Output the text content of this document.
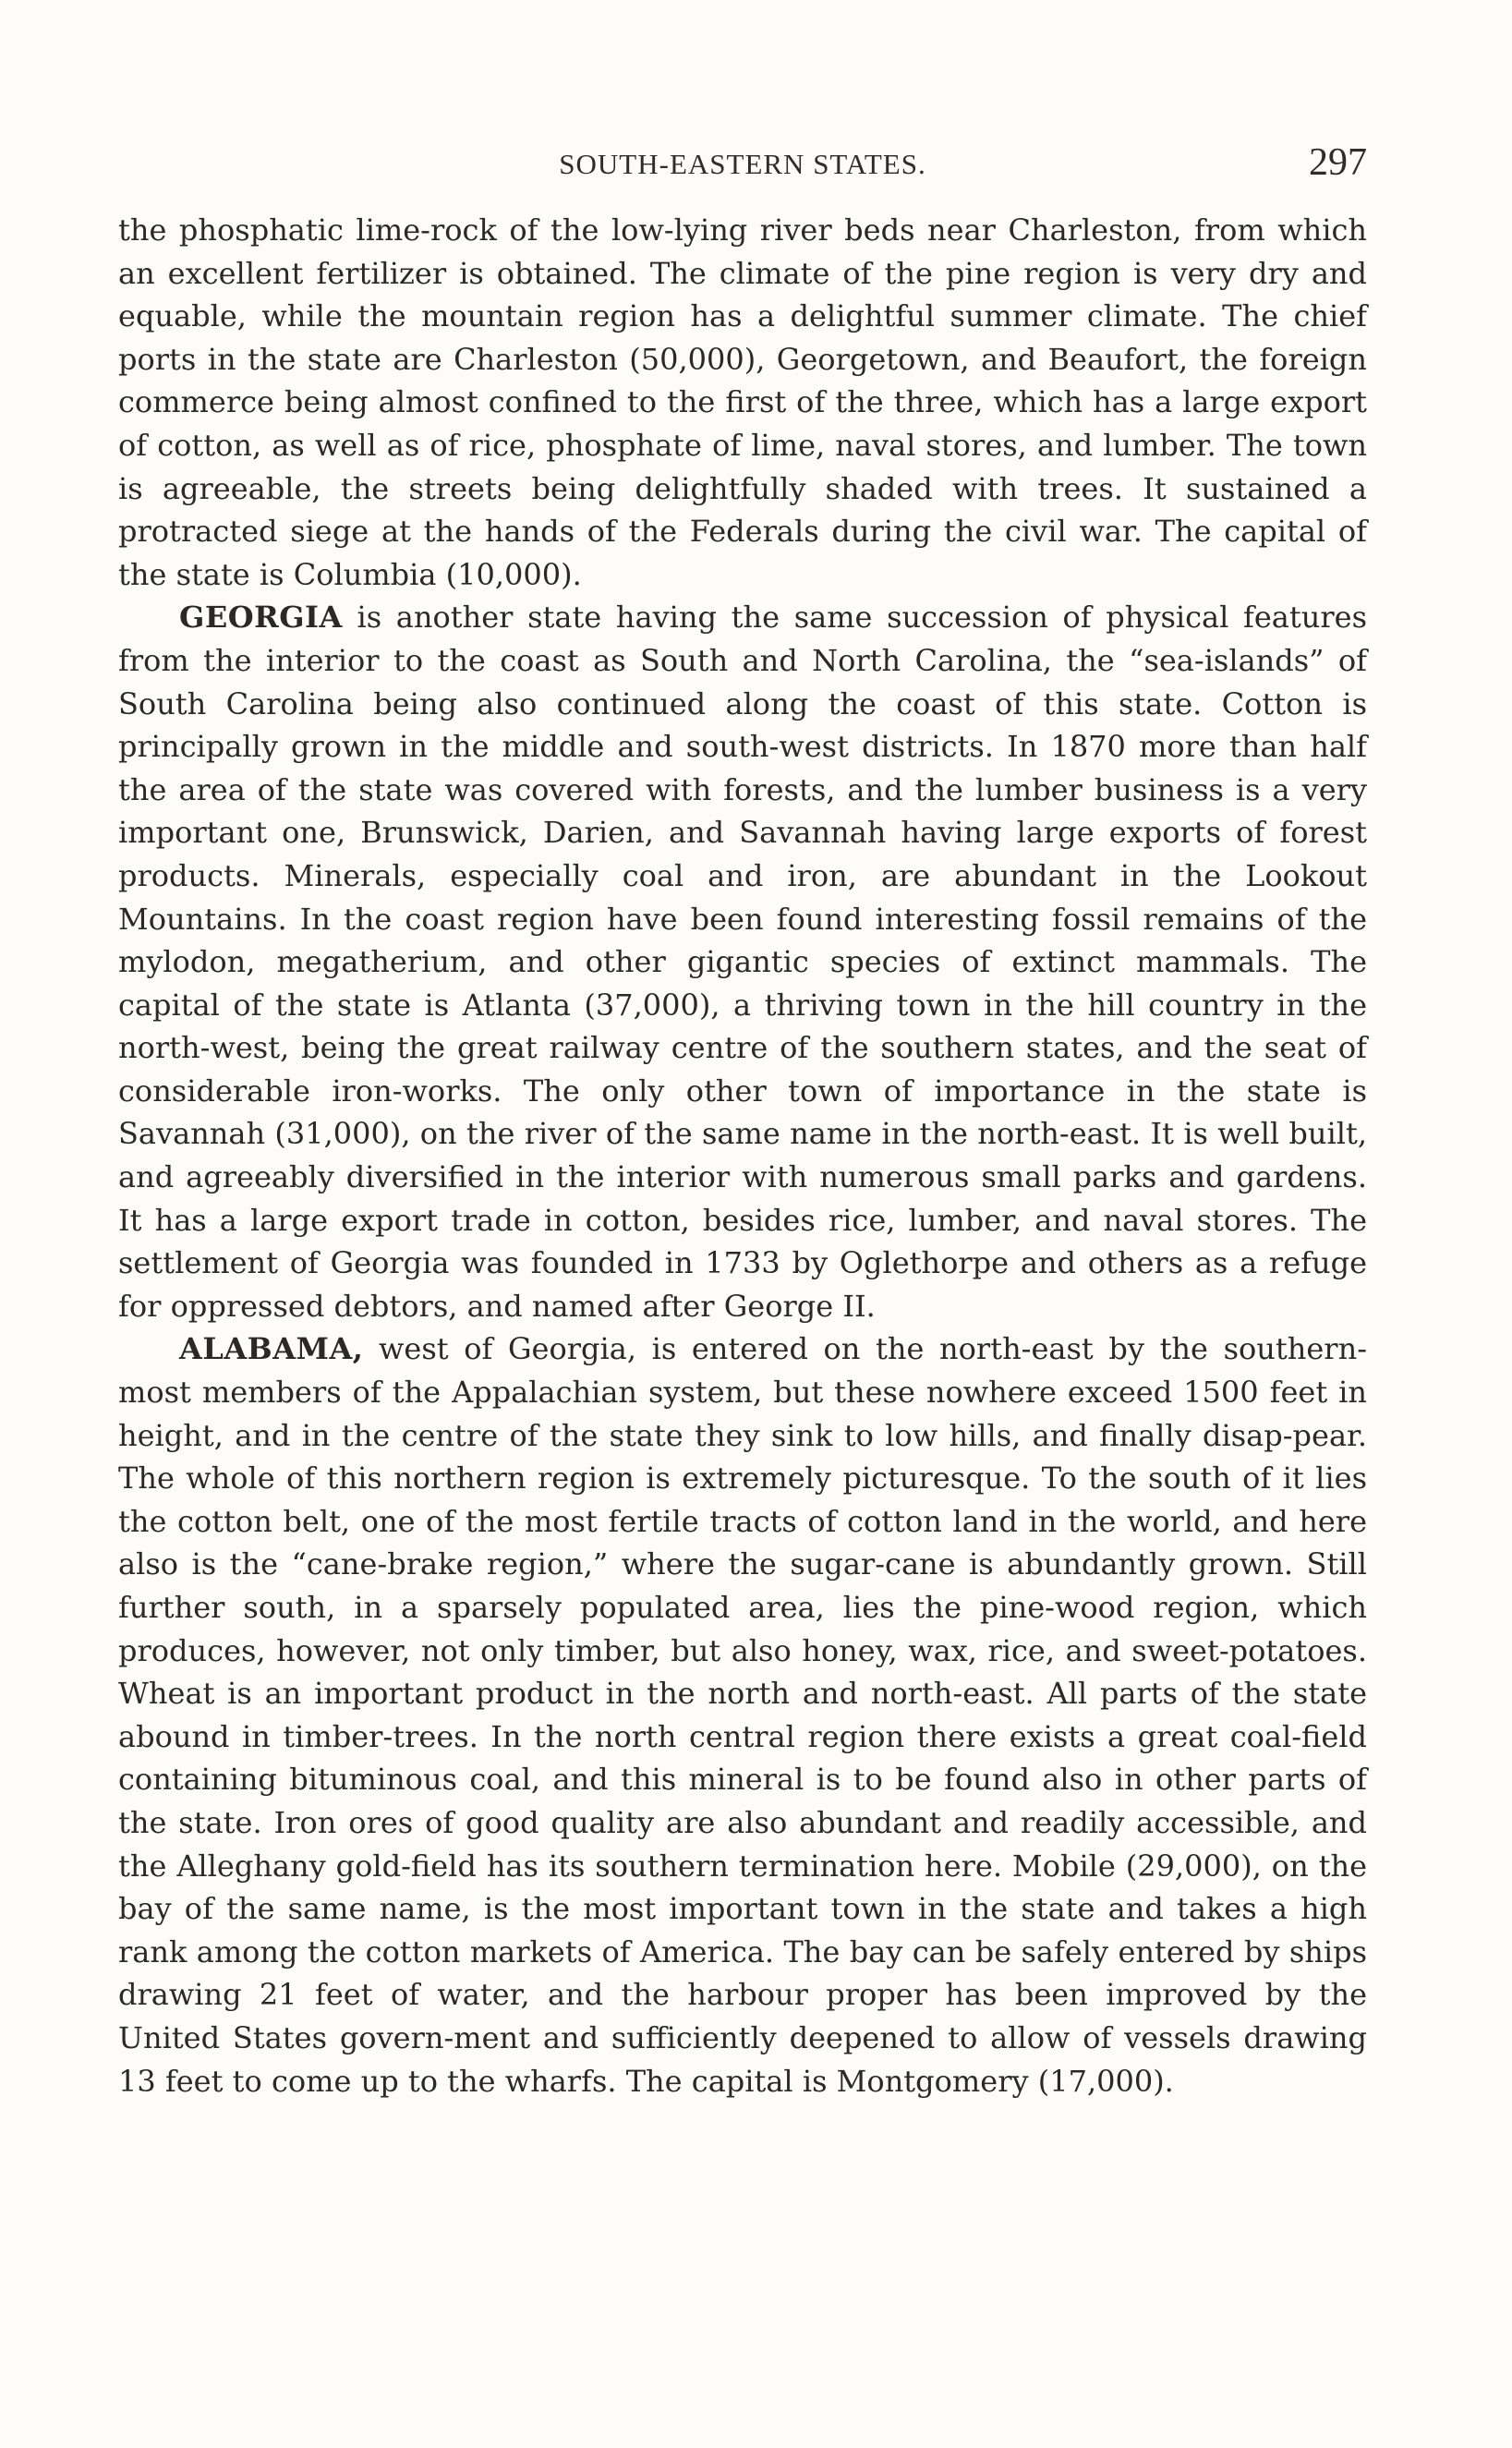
SOUTH-EASTERN STATES.	297

the phosphatic lime-rock of the low-lying river beds near Charleston, from which an excellent fertilizer is obtained. The climate of the pine region is very dry and equable, while the mountain region has a delightful summer climate. The chief ports in the state are Charleston (50,000), Georgetown, and Beaufort, the foreign commerce being almost confined to the first of the three, which has a large export of cotton, as well as of rice, phosphate of lime, naval stores, and lumber. The town is agreeable, the streets being delightfully shaded with trees. It sustained a protracted siege at the hands of the Federals during the civil war. The capital of the state is Columbia (10,000).

GEORGIA is another state having the same succession of physical features from the interior to the coast as South and North Carolina, the “sea-islands” of South Carolina being also continued along the coast of this state. Cotton is principally grown in the middle and south-west districts. In 1870 more than half the area of the state was covered with forests, and the lumber business is a very important one, Brunswick, Darien, and Savannah having large exports of forest products. Minerals, especially coal and iron, are abundant in the Lookout Mountains. In the coast region have been found interesting fossil remains of the mylodon, megatherium, and other gigantic species of extinct mammals. The capital of the state is Atlanta (37,000), a thriving town in the hill country in the north-west, being the great railway centre of the southern states, and the seat of considerable iron-works. The only other town of importance in the state is Savannah (31,000), on the river of the same name in the north-east. It is well built, and agreeably diversified in the interior with numerous small parks and gardens. It has a large export trade in cotton, besides rice, lumber, and naval stores. The settlement of Georgia was founded in 1733 by Oglethorpe and others as a refuge for oppressed debtors, and named after George II.

ALABAMA, west of Georgia, is entered on the north-east by the southern-most members of the Appalachian system, but these nowhere exceed 1500 feet in height, and in the centre of the state they sink to low hills, and finally disap-pear. The whole of this northern region is extremely picturesque. To the south of it lies the cotton belt, one of the most fertile tracts of cotton land in the world, and here also is the “cane-brake region,” where the sugar-cane is abundantly grown. Still further south, in a sparsely populated area, lies the pine-wood region, which produces, however, not only timber, but also honey, wax, rice, and sweet-potatoes. Wheat is an important product in the north and north-east. All parts of the state abound in timber-trees. In the north central region there exists a great coal-field containing bituminous coal, and this mineral is to be found also in other parts of the state. Iron ores of good quality are also abundant and readily accessible, and the Alleghany gold-field has its southern termination here. Mobile (29,000), on the bay of the same name, is the most important town in the state and takes a high rank among the cotton markets of America. The bay can be safely entered by ships drawing 21 feet of water, and the harbour proper has been improved by the United States govern-ment and sufficiently deepened to allow of vessels drawing 13 feet to come up to the wharfs. The capital is Montgomery (17,000).
